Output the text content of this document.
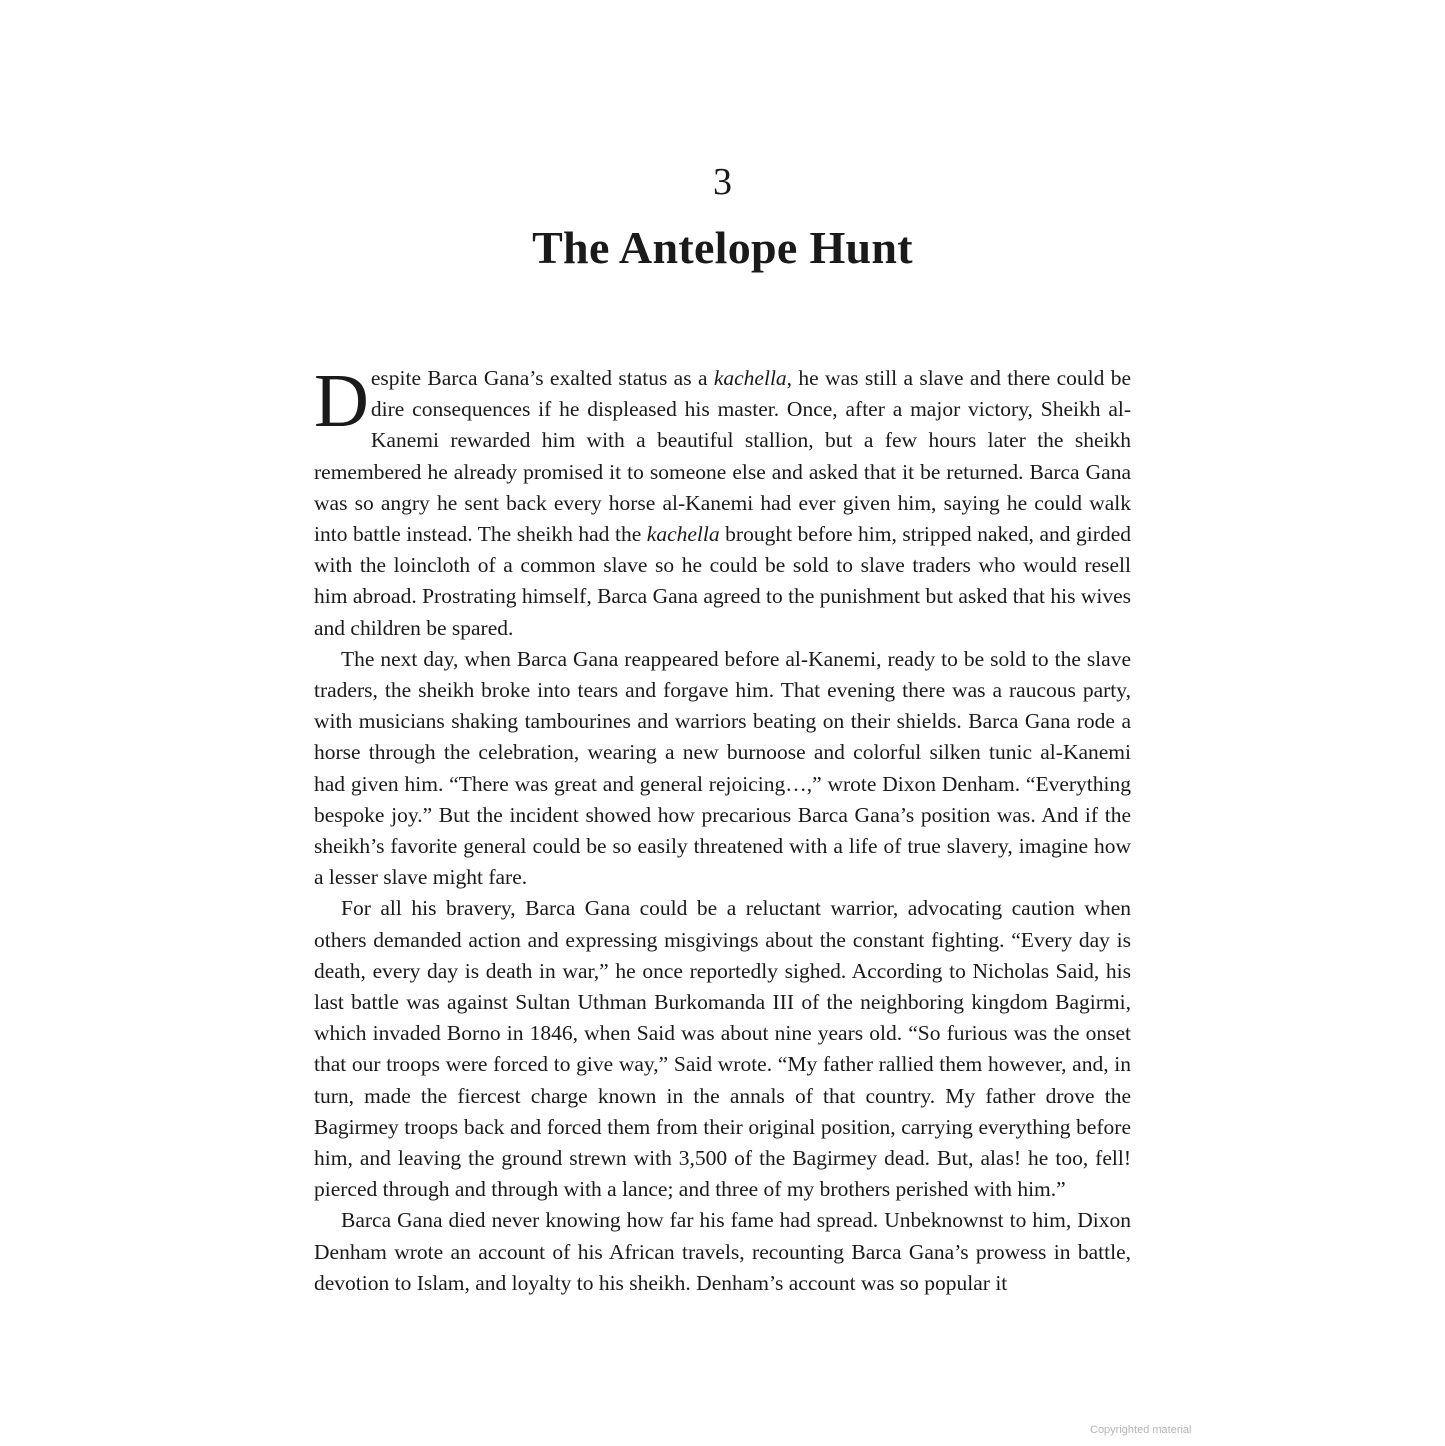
3
The Antelope Hunt

Despite Barca Gana’s exalted status as a kachella, he was still a slave and there could be dire consequences if he displeased his master. Once, after a major victory, Sheikh al-Kanemi rewarded him with a beautiful stallion, but a few hours later the sheikh remembered he already promised it to someone else and asked that it be returned. Barca Gana was so angry he sent back every horse al-Kanemi had ever given him, saying he could walk into battle instead. The sheikh had the kachella brought before him, stripped naked, and girded with the loincloth of a common slave so he could be sold to slave traders who would resell him abroad. Prostrating himself, Barca Gana agreed to the punishment but asked that his wives and children be spared.

The next day, when Barca Gana reappeared before al-Kanemi, ready to be sold to the slave traders, the sheikh broke into tears and forgave him. That evening there was a raucous party, with musicians shaking tambourines and warriors beating on their shields. Barca Gana rode a horse through the celebration, wearing a new burnoose and colorful silken tunic al-Kanemi had given him. “There was great and general rejoicing…,” wrote Dixon Denham. “Everything bespoke joy.” But the incident showed how precarious Barca Gana’s position was. And if the sheikh’s favorite general could be so easily threatened with a life of true slavery, imagine how a lesser slave might fare.

For all his bravery, Barca Gana could be a reluctant warrior, advocating caution when others demanded action and expressing misgivings about the constant fighting. “Every day is death, every day is death in war,” he once reportedly sighed. According to Nicholas Said, his last battle was against Sultan Uthman Burkomanda III of the neighboring kingdom Bagirmi, which invaded Borno in 1846, when Said was about nine years old. “So furious was the onset that our troops were forced to give way,” Said wrote. “My father rallied them however, and, in turn, made the fiercest charge known in the annals of that country. My father drove the Bagirmey troops back and forced them from their original position, carrying everything before him, and leaving the ground strewn with 3,500 of the Bagirmey dead. But, alas! he too, fell! pierced through and through with a lance; and three of my brothers perished with him.”

Barca Gana died never knowing how far his fame had spread. Unbeknownst to him, Dixon Denham wrote an account of his African travels, recounting Barca Gana’s prowess in battle, devotion to Islam, and loyalty to his sheikh. Denham’s account was so popular it

Copyrighted material
